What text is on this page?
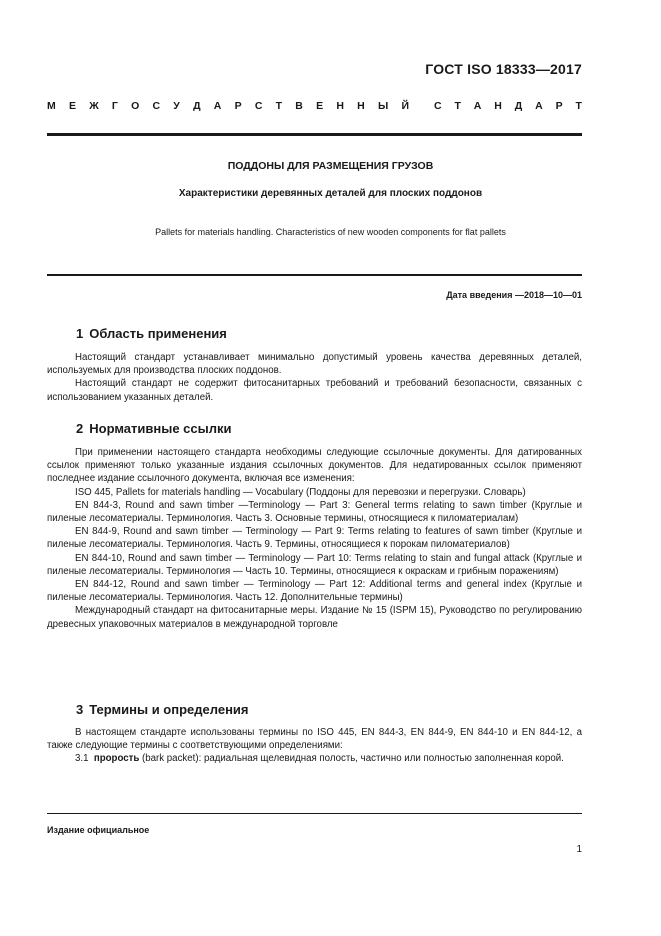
ГОСТ ISO 18333—2017
М Е Ж Г О С У Д А Р С Т В Е Н Н Ы Й С Т А Н Д А Р Т
ПОДДОНЫ ДЛЯ РАЗМЕЩЕНИЯ ГРУЗОВ
Характеристики деревянных деталей для плоских поддонов
Pallets for materials handling. Characteristics of new wooden components for flat pallets
Дата введения —2018—10—01
1 Область применения

Настоящий стандарт устанавливает минимально допустимый уровень качества деревянных деталей, используемых для производства плоских поддонов.

Настоящий стандарт не содержит фитосанитарных требований и требований безопасности, связанных с использованием указанных деталей.

2 Нормативные ссылки

При применении настоящего стандарта необходимы следующие ссылочные документы. Для датированных ссылок применяют только указанные издания ссылочных документов. Для недатированных ссылок применяют последнее издание ссылочного документа, включая все изменения:

ISO 445, Pallets for materials handling — Vocabulary (Поддоны для перевозки и перегрузки. Словарь)

EN 844-3, Round and sawn timber —Terminology — Part 3: General terms relating to sawn timber (Круглые и пиленые лесоматериалы. Терминология. Часть 3. Основные термины, относящиеся к пиломатериалам)

EN 844-9, Round and sawn timber — Terminology — Part 9: Terms relating to features of sawn timber (Круглые и пиленые лесоматериалы. Терминология. Часть 9. Термины, относящиеся к порокам пиломатериалов)

EN 844-10, Round and sawn timber — Terminology — Part 10: Terms relating to stain and fungal attack (Круглые и пиленые лесоматериалы. Терминология — Часть 10. Термины, относящиеся к окраскам и грибным поражениям)

EN 844-12, Round and sawn timber — Terminology — Part 12: Additional terms and general index (Круглые и пиленые лесоматериалы. Терминология. Часть 12. Дополнительные термины)

Международный стандарт на фитосанитарные меры. Издание № 15 (ISPM 15), Руководство по регулированию древесных упаковочных материалов в международной торговле

3 Термины и определения

В настоящем стандарте использованы термины по ISO 445, EN 844-3, EN 844-9, EN 844-10 и EN 844-12, а также следующие термины с соответствующими определениями:

3.1 прорость (bark packet): радиальная щелевидная полость, частично или полностью заполненная корой.

Издание официальное
1
